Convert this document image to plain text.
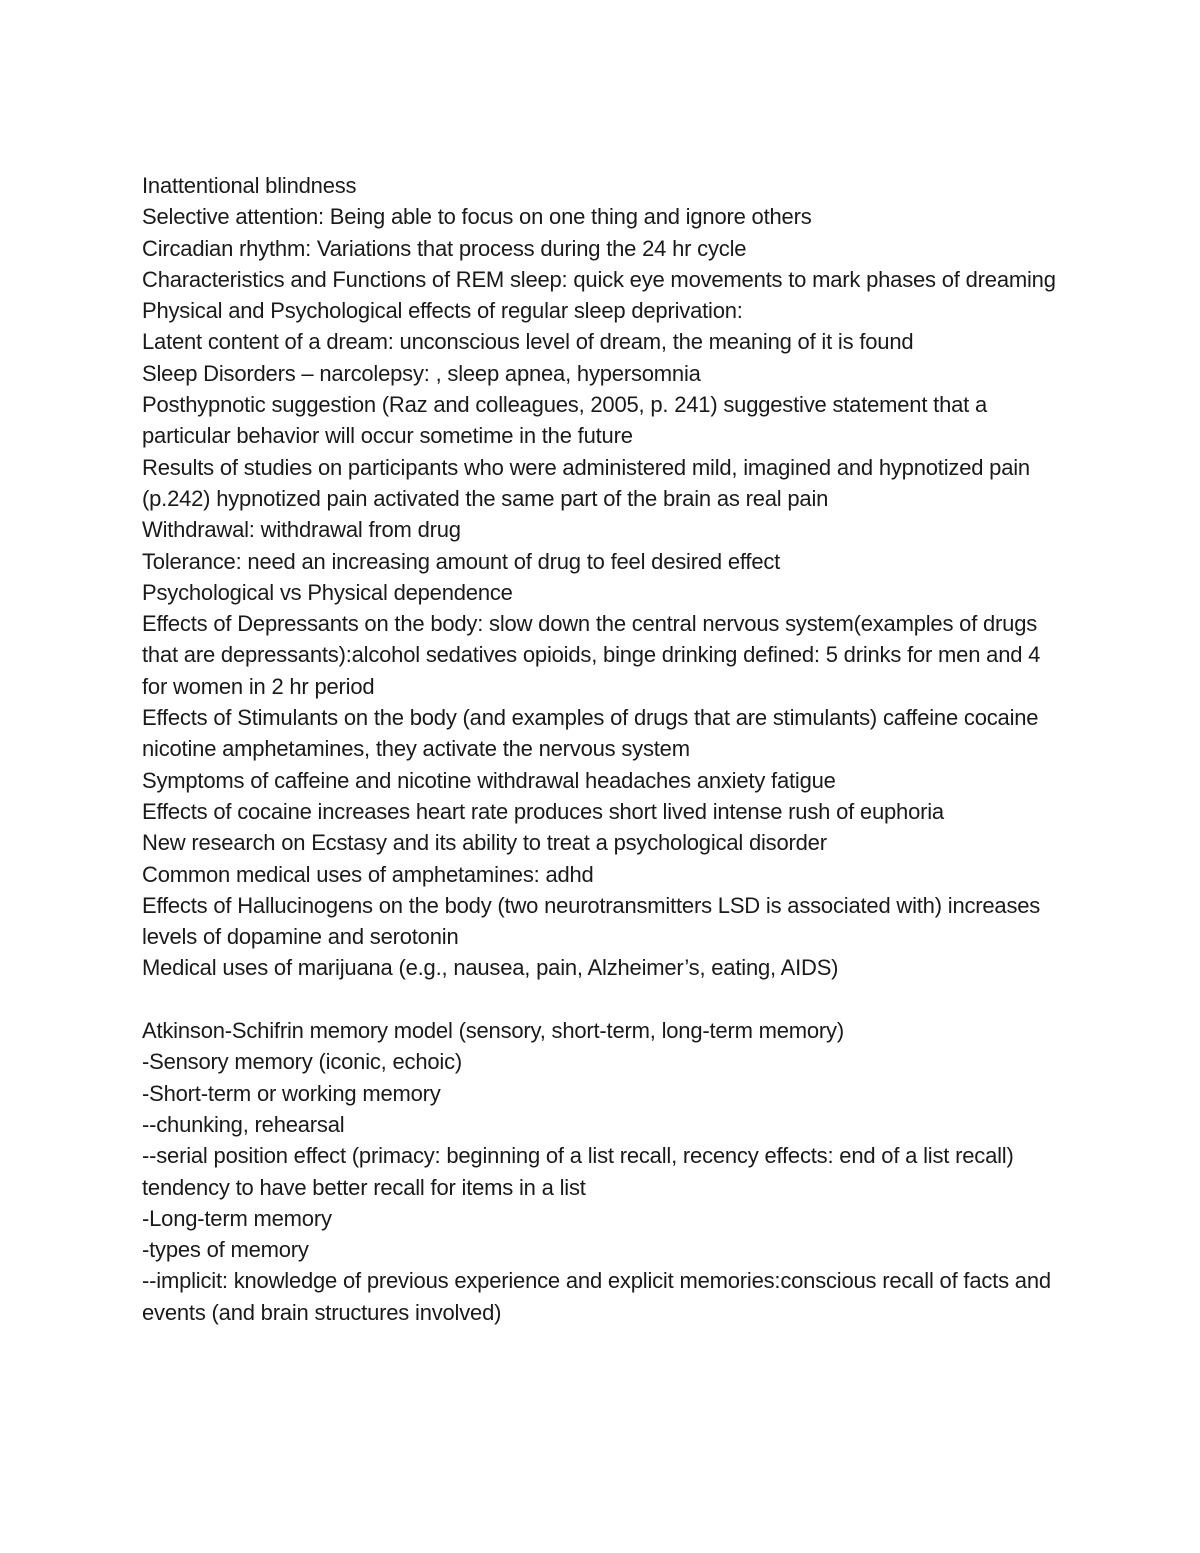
Inattentional blindness

Selective attention: Being able to focus on one thing and ignore others

Circadian rhythm: Variations that process during the 24 hr cycle

Characteristics and Functions of REM sleep: quick eye movements to mark phases of dreaming

Physical and Psychological effects of regular sleep deprivation:

Latent content of a dream: unconscious level of dream, the meaning of it is found

Sleep Disorders – narcolepsy: , sleep apnea, hypersomnia

Posthypnotic suggestion (Raz and colleagues, 2005, p. 241) suggestive statement that a particular behavior will occur sometime in the future

Results of studies on participants who were administered mild, imagined and hypnotized pain (p.242) hypnotized pain activated the same part of the brain as real pain

Withdrawal: withdrawal from drug

Tolerance: need an increasing amount of drug to feel desired effect

Psychological vs Physical dependence

Effects of Depressants on the body: slow down the central nervous system(examples of drugs that are depressants):alcohol sedatives opioids, binge drinking defined: 5 drinks for men and 4 for women in 2 hr period

Effects of Stimulants on the body (and examples of drugs that are stimulants) caffeine cocaine nicotine amphetamines, they activate the nervous system

Symptoms of caffeine and nicotine withdrawal headaches anxiety fatigue

Effects of cocaine increases heart rate produces short lived intense rush of euphoria

New research on Ecstasy and its ability to treat a psychological disorder

Common medical uses of amphetamines: adhd

Effects of Hallucinogens on the body (two neurotransmitters LSD is associated with) increases levels of dopamine and serotonin

Medical uses of marijuana (e.g., nausea, pain, Alzheimer’s, eating, AIDS)

Atkinson-Schifrin memory model (sensory, short-term, long-term memory)

-Sensory memory (iconic, echoic)

-Short-term or working memory

--chunking, rehearsal

--serial position effect (primacy: beginning of a list recall, recency effects: end of a list recall) tendency to have better recall for items in a list

-Long-term memory

-types of memory

--implicit: knowledge of previous experience and explicit memories:conscious recall of facts and events (and brain structures involved)
